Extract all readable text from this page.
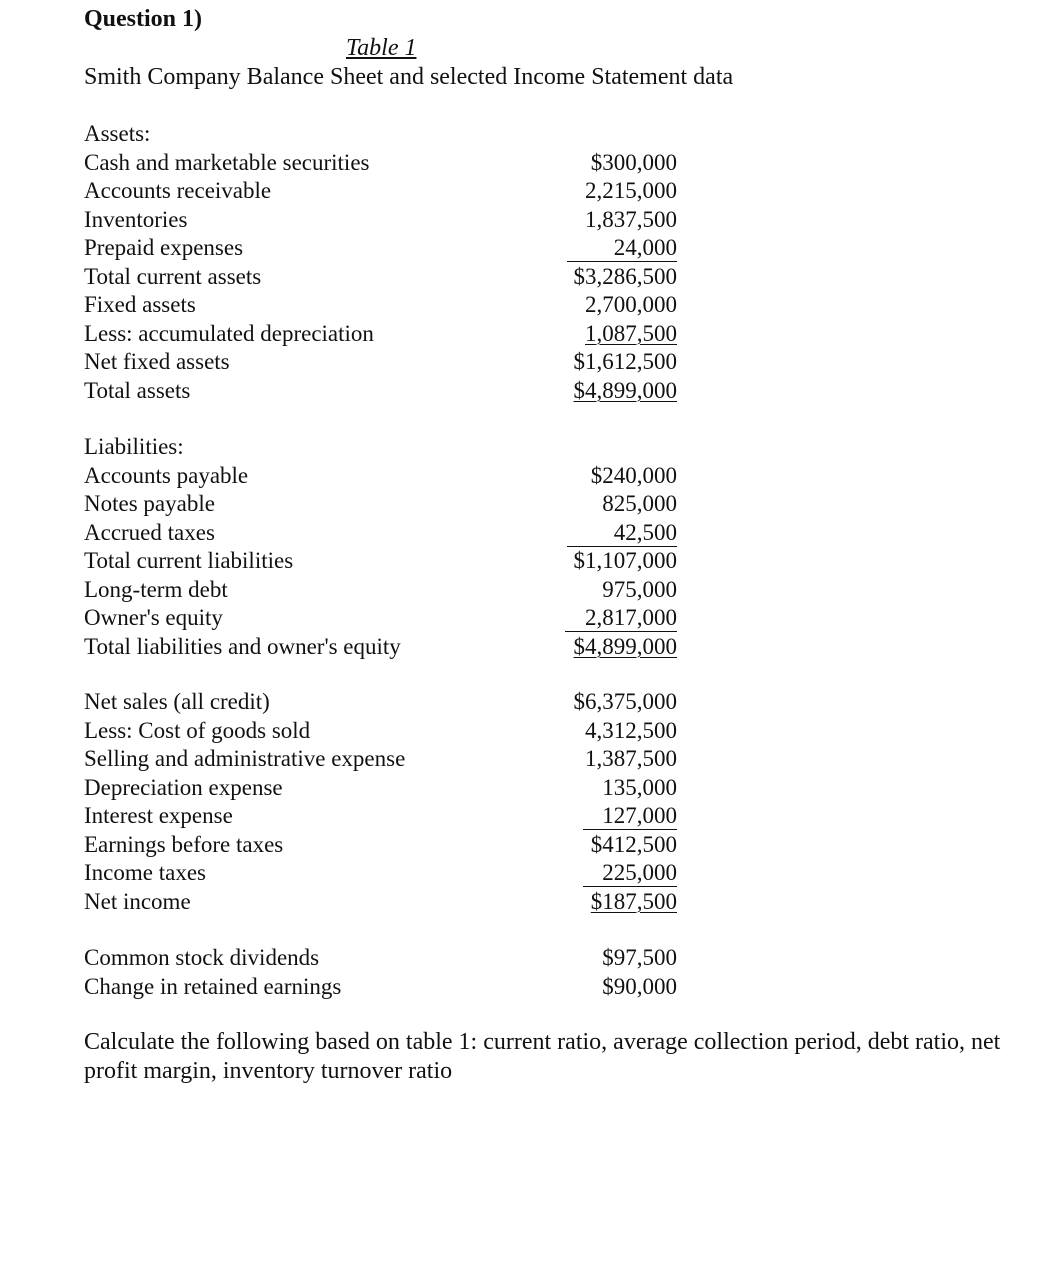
Question 1)

Table 1

Smith Company Balance Sheet and selected Income Statement data

Assets:
Cash and marketable securities	$300,000
Accounts receivable	2,215,000
Inventories	1,837,500
Prepaid expenses	24,000
Total current assets	$3,286,500
Fixed assets	2,700,000
Less: accumulated depreciation	1,087,500
Net fixed assets	$1,612,500
Total assets	$4,899,000
Liabilities:
Accounts payable	$240,000
Notes payable	825,000
Accrued taxes	42,500
Total current liabilities	$1,107,000
Long-term debt	975,000
Owner's equity	2,817,000
Total liabilities and owner's equity	$4,899,000
Net sales (all credit)	$6,375,000
Less: Cost of goods sold	4,312,500
Selling and administrative expense	1,387,500
Depreciation expense	135,000
Interest expense	127,000
Earnings before taxes	$412,500
Income taxes	225,000
Net income	$187,500
Common stock dividends	$97,500
Change in retained earnings	$90,000

Calculate the following based on table 1: current ratio, average collection period, debt ratio, net profit margin, inventory turnover ratio
